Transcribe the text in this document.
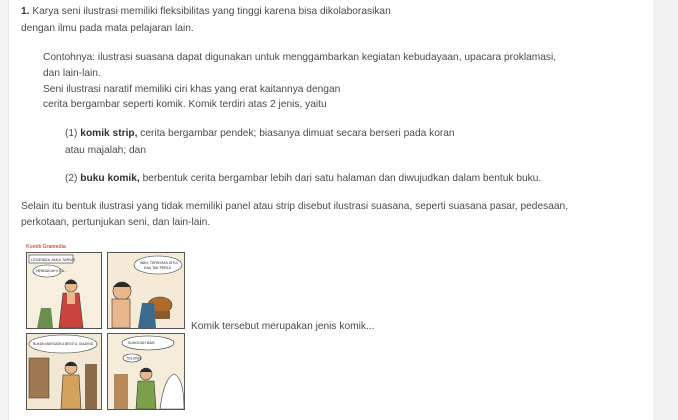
1. Karya seni ilustrasi memiliki fleksibilitas yang tinggi karena bisa dikolaborasikan
dengan ilmu pada mata pelajaran lain.
Contohnya: ilustrasi suasana dapat digunakan untuk menggambarkan kegiatan kebudayaan, upacara proklamasi,
dan lain-lain.
Seni ilustrasi naratif memiliki ciri khas yang erat kaitannya dengan
cerita bergambar seperti komik. Komik terdiri atas 2 jenis, yaitu
(1) komik strip, cerita bergambar pendek; biasanya dimuat secara berseri pada koran
atau majalah; dan
(2) buku komik, berbentuk cerita bergambar lebih dari satu halaman dan diwujudkan dalam bentuk buku.
Selain itu bentuk ilustrasi yang tidak memiliki panel atau strip disebut ilustrasi suasana, seperti suasana pasar, pedesaan,
perkotaan, pertunjukan seni, dan lain-lain.
Komik Gramedia
LEGENDA JAKA TARUB
HENDAKAH KITA...
WAH, TERNYATA GITU!
KAU TAK PERLU
BUKAN MAKSUDKU BEGITU, DIAJENG	SUNGGUH BAIK
TOLONG!
Komik tersebut merupakan jenis komik...
